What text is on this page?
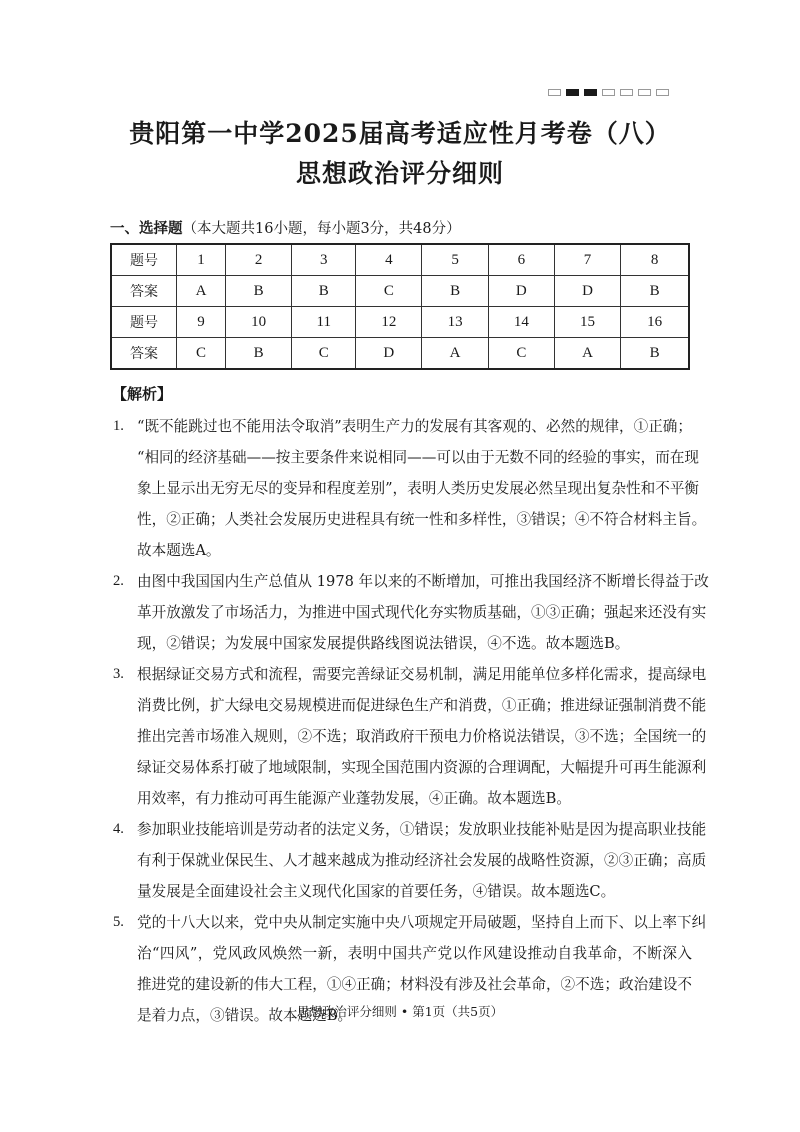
贵阳第一中学2025届高考适应性月考卷（八）
思想政治评分细则
一、选择题（本大题共16小题，每小题3分，共48分）
题号	1	2	3	4	5	6	7	8
答案	A	B	B	C	B	D	D	B
题号	9	10	11	12	13	14	15	16
答案	C	B	C	D	A	C	A	B
【解析】
1. “既不能跳过也不能用法令取消”表明生产力的发展有其客观的、必然的规律，①正确；
“相同的经济基础——按主要条件来说相同——可以由于无数不同的经验的事实，而在现
象上显示出无穷无尽的变异和程度差别”，表明人类历史发展必然呈现出复杂性和不平衡
性，②正确；人类社会发展历史进程具有统一性和多样性，③错误；④不符合材料主旨。
故本题选A。
2. 由图中我国国内生产总值从 1978 年以来的不断增加，可推出我国经济不断增长得益于改
革开放激发了市场活力，为推进中国式现代化夯实物质基础，①③正确；强起来还没有实
现，②错误；为发展中国家发展提供路线图说法错误，④不选。故本题选B。
3. 根据绿证交易方式和流程，需要完善绿证交易机制，满足用能单位多样化需求，提高绿电
消费比例，扩大绿电交易规模进而促进绿色生产和消费，①正确；推进绿证强制消费不能
推出完善市场准入规则，②不选；取消政府干预电力价格说法错误，③不选；全国统一的
绿证交易体系打破了地域限制，实现全国范围内资源的合理调配，大幅提升可再生能源利
用效率，有力推动可再生能源产业蓬勃发展，④正确。故本题选B。
4. 参加职业技能培训是劳动者的法定义务，①错误；发放职业技能补贴是因为提高职业技能
有利于保就业保民生、人才越来越成为推动经济社会发展的战略性资源，②③正确；高质
量发展是全面建设社会主义现代化国家的首要任务，④错误。故本题选C。
5. 党的十八大以来，党中央从制定实施中央八项规定开局破题，坚持自上而下、以上率下纠
治“四风”，党风政风焕然一新，表明中国共产党以作风建设推动自我革命，不断深入
推进党的建设新的伟大工程，①④正确；材料没有涉及社会革命，②不选；政治建设不
是着力点，③错误。故本题选B。
思想政治评分细则 • 第1页（共5页）
